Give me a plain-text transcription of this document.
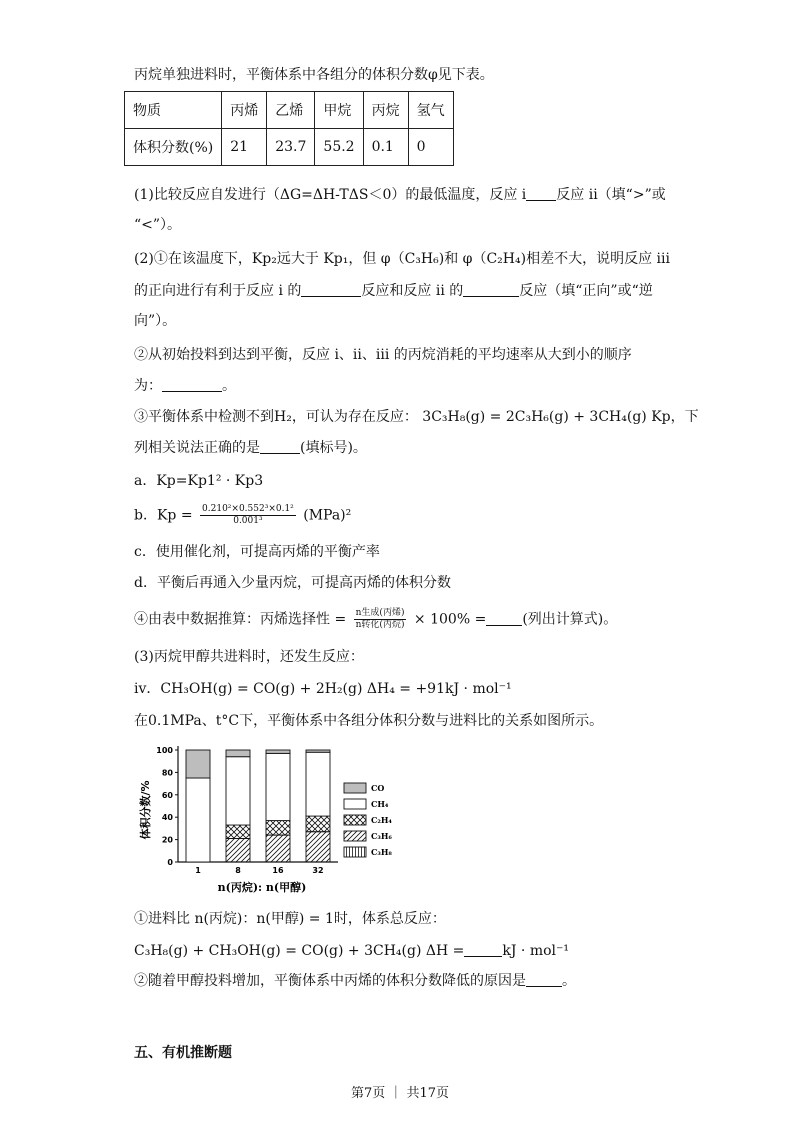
丙烷单独进料时，平衡体系中各组分的体积分数φ见下表。
物质	丙烯	乙烯	甲烷	丙烷	氢气
体积分数(%)	21	23.7	55.2	0.1	0
(1)比较反应自发进行（ΔG=ΔH-TΔS＜0）的最低温度，反应 i 反应 ii（填“>”或
“<”）。
(2)①在该温度下，Kp₂远大于 Kp₁，但 φ（C₃H₆)和 φ（C₂H₄)相差不大，说明反应 iii
的正向进行有利于反应 i 的	反应和反应 ii 的	反应（填“正向”或“逆
向”）。
②从初始投料到达到平衡，反应 i、ii、iii 的丙烷消耗的平均速率从大到小的顺序
为：	。
③平衡体系中检测不到H₂，可认为存在反应： 3C₃H₈(g) = 2C₃H₆(g) + 3CH₄(g) Kp，下
列相关说法正确的是	(填标号)。
a．Kp=Kp1² · Kp3
b．$Kp = \frac{\text{0.210²×0.552³×0.1²}}{\text{0.001³}} (MPa)^2$
c．使用催化剂，可提高丙烯的平衡产率
d．平衡后再通入少量丙烷，可提高丙烯的体积分数
④由表中数据推算：丙烯选择性 = $\frac{\text{n生成(丙烯)}}{\text{n转化(丙烷)}} \times 100\%$ =	(列出计算式)。
(3)丙烷甲醇共进料时，还发生反应：
iv．CH₃OH(g) = CO(g) + 2H₂(g) ΔH₄ = +91kJ · mol⁻¹
在0.1MPa、t°C下，平衡体系中各组分体积分数与进料比的关系如图所示。
0
20
40
60
80
100
1	8	16	32
CO
CH₄
C₂H₄
C₃H₆
C₃H₈
体积分数/%
n(丙烷): n(甲醇)
①进料比 n(丙烷)：n(甲醇) = 1时，体系总反应：
C₃H₈(g) + CH₃OH(g) = CO(g) + 3CH₄(g) ΔH =	kJ · mol⁻¹
②随着甲醇投料增加，平衡体系中丙烯的体积分数降低的原因是	。
五、有机推断题
第7页 ｜ 共17页
